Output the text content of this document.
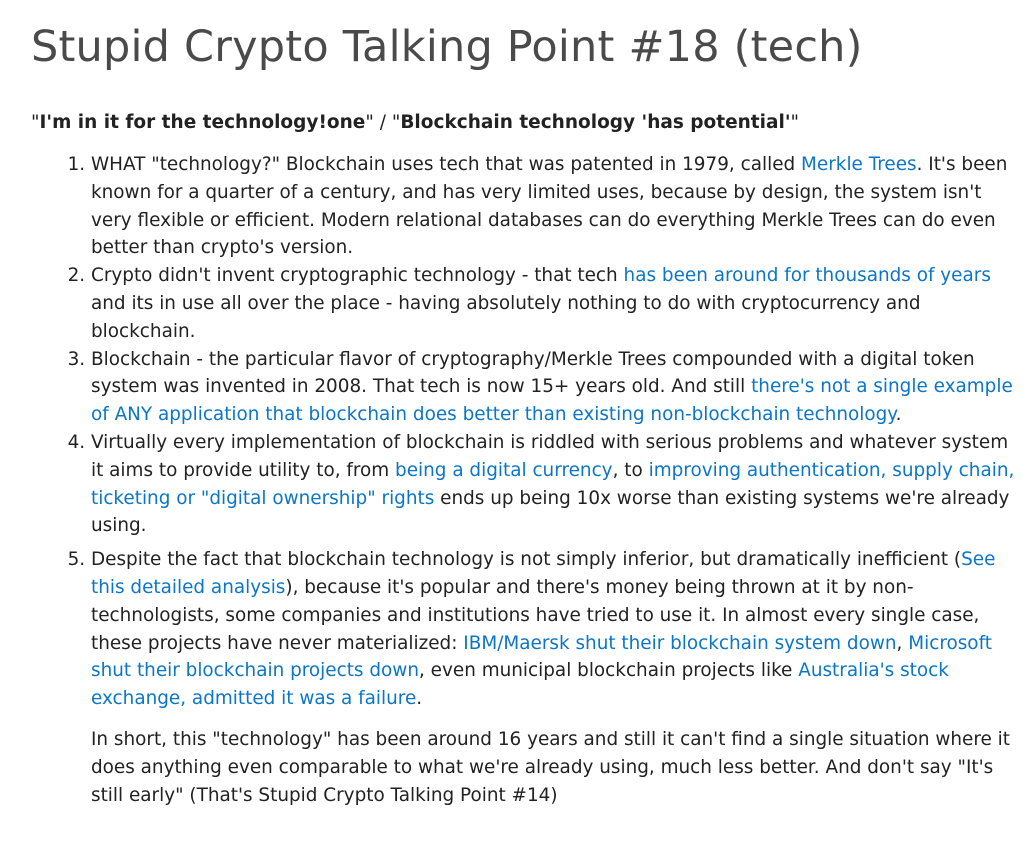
Stupid Crypto Talking Point #18 (tech)

"I'm in it for the technology!one" / "Blockchain technology 'has potential'"

1. WHAT "technology?" Blockchain uses tech that was patented in 1979, called Merkle Trees. It's been known for a quarter of a century, and has very limited uses, because by design, the system isn't very flexible or efficient. Modern relational databases can do everything Merkle Trees can do even better than crypto's version.
2. Crypto didn't invent cryptographic technology - that tech has been around for thousands of years and its in use all over the place - having absolutely nothing to do with cryptocurrency and blockchain.
3. Blockchain - the particular flavor of cryptography/Merkle Trees compounded with a digital token system was invented in 2008. That tech is now 15+ years old. And still there's not a single example of ANY application that blockchain does better than existing non-blockchain technology.
4. Virtually every implementation of blockchain is riddled with serious problems and whatever system it aims to provide utility to, from being a digital currency, to improving authentication, supply chain, ticketing or "digital ownership" rights ends up being 10x worse than existing systems we're already using.
5. Despite the fact that blockchain technology is not simply inferior, but dramatically inefficient (See this detailed analysis), because it's popular and there's money being thrown at it by non-technologists, some companies and institutions have tried to use it. In almost every single case, these projects have never materialized: IBM/Maersk shut their blockchain system down, Microsoft shut their blockchain projects down, even municipal blockchain projects like Australia's stock exchange, admitted it was a failure.

In short, this "technology" has been around 16 years and still it can't find a single situation where it does anything even comparable to what we're already using, much less better. And don't say "It's still early" (That's Stupid Crypto Talking Point #14)
